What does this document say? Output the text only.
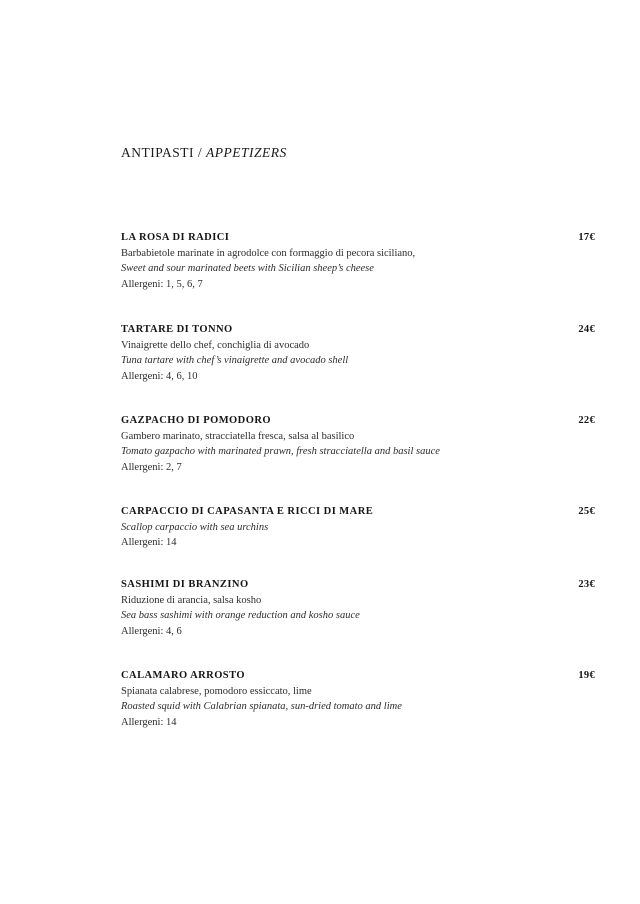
ANTIPASTI / APPETIZERS
LA ROSA DI RADICI	17€
Barbabietole marinate in agrodolce con formaggio di pecora siciliano,
Sweet and sour marinated beets with Sicilian sheep’s cheese
Allergeni: 1, 5, 6, 7
TARTARE DI TONNO	24€
Vinaigrette dello chef, conchiglia di avocado
Tuna tartare with chef’s vinaigrette and avocado shell
Allergeni: 4, 6, 10
GAZPACHO DI POMODORO	22€
Gambero marinato, stracciatella fresca, salsa al basilico
Tomato gazpacho with marinated prawn, fresh stracciatella and basil sauce
Allergeni: 2, 7
CARPACCIO DI CAPASANTA E RICCI DI MARE	25€
Scallop carpaccio with sea urchins
Allergeni: 14
SASHIMI DI BRANZINO	23€
Riduzione di arancia, salsa kosho
Sea bass sashimi with orange reduction and kosho sauce
Allergeni: 4, 6
CALAMARO ARROSTO	19€
Spianata calabrese, pomodoro essiccato, lime
Roasted squid with Calabrian spianata, sun-dried tomato and lime
Allergeni: 14
